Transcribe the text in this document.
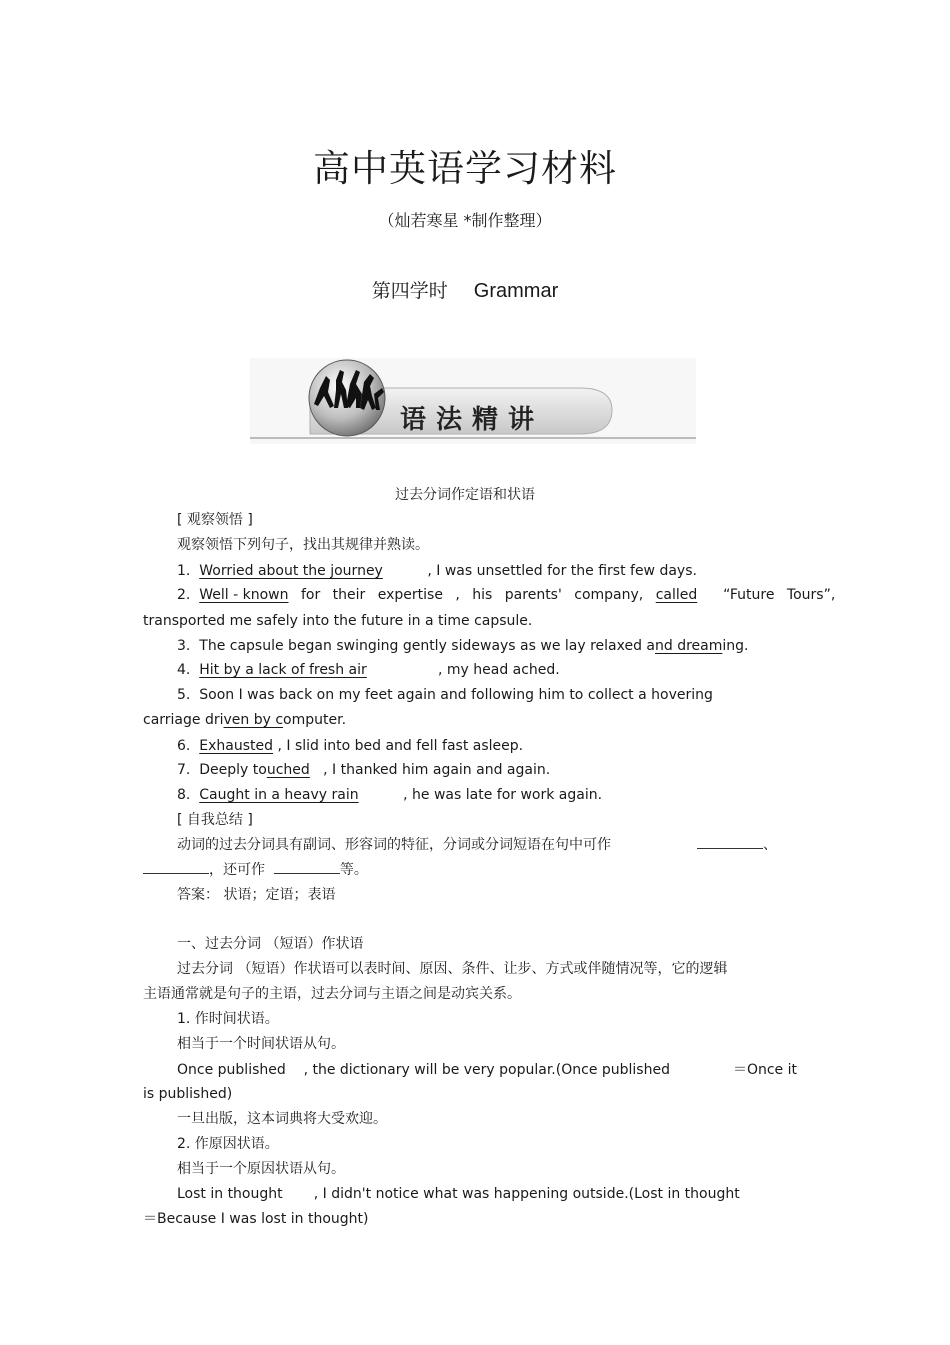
高中英语学习材料
（灿若寒星 *制作整理）
第四学时 Grammar
语法精讲
过去分词作定语和状语
[ 观察领悟 ]
观察领悟下列句子，找出其规律并熟读。
1. Worried about the journey	, I was unsettled for the first few days.
2. Well - known for their expertise , his parents' company, called    “Future Tours”,
transported me safely into the future in a time capsule.
3. The capsule began swinging gently sideways as we lay relaxed and dreaming.
4. Hit by a lack of fresh air	, my head ached.
5. Soon I was back on my feet again and following him to collect a hovering
carriage driven by computer.
6. Exhausted , I slid into bed and fell fast asleep.
7. Deeply touched , I thanked him again and again.
8. Caught in a heavy rain	, he was late for work again.
[ 自我总结 ]
动词的过去分词具有副词、形容词的特征，分词或分词短语在句中可作	、
，还可作	等。
答案： 状语；定语；表语
一、过去分词 （短语）作状语
过去分词 （短语）作状语可以表时间、原因、条件、让步、方式或伴随情况等，它的逻辑
主语通常就是句子的主语，过去分词与主语之间是动宾关系。
1. 作时间状语。
相当于一个时间状语从句。
Once published , the dictionary will be very popular.(Once published	＝Once it
is published)
一旦出版，这本词典将大受欢迎。
2. 作原因状语。
相当于一个原因状语从句。
Lost in thought , I didn't notice what was happening outside.(Lost in thought
＝Because I was lost in thought)
